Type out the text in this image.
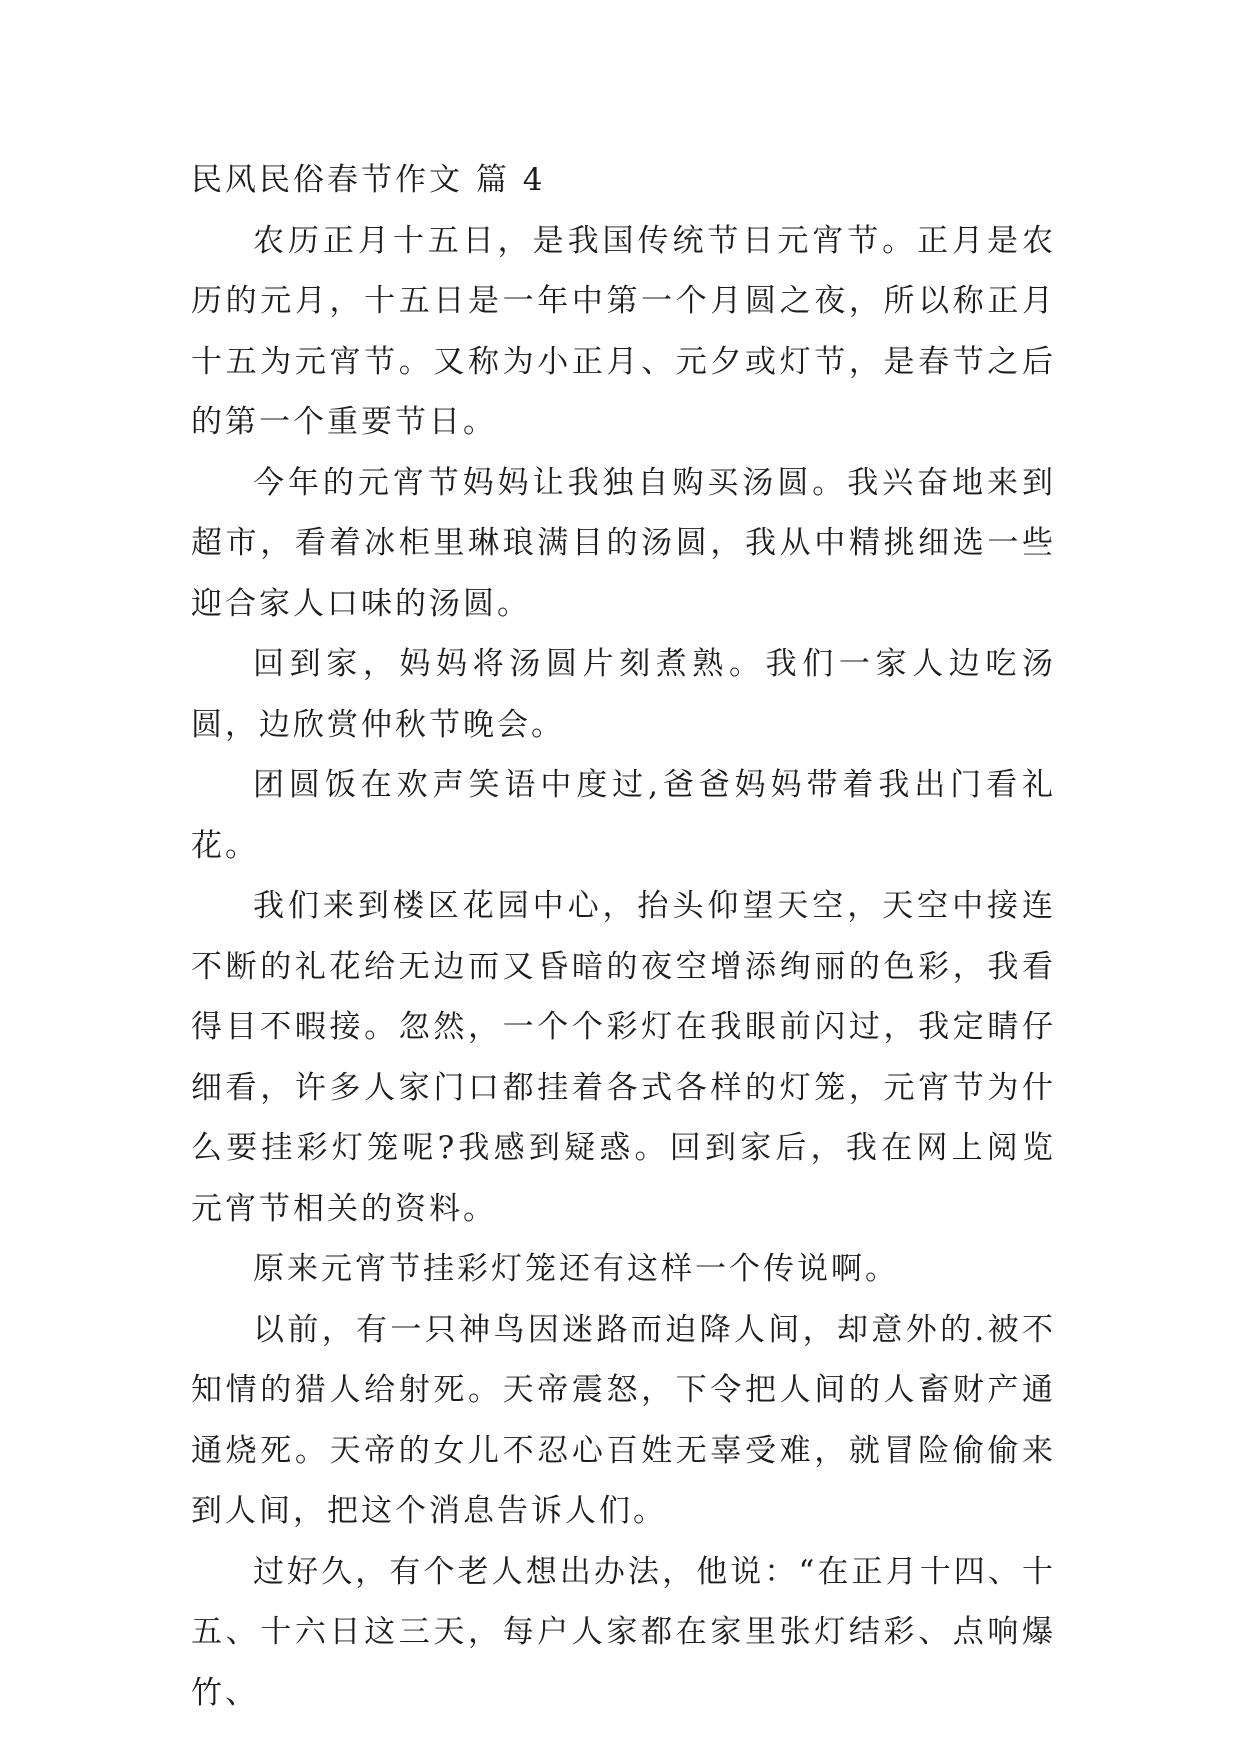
民风民俗春节作文 篇 4

农历正月十五日，是我国传统节日元宵节。正月是农历的元月，十五日是一年中第一个月圆之夜，所以称正月十五为元宵节。又称为小正月、元夕或灯节，是春节之后的第一个重要节日。

今年的元宵节妈妈让我独自购买汤圆。我兴奋地来到超市，看着冰柜里琳琅满目的汤圆，我从中精挑细选一些迎合家人口味的汤圆。

回到家，妈妈将汤圆片刻煮熟。我们一家人边吃汤圆，边欣赏仲秋节晚会。

团圆饭在欢声笑语中度过,爸爸妈妈带着我出门看礼花。

我们来到楼区花园中心，抬头仰望天空，天空中接连不断的礼花给无边而又昏暗的夜空增添绚丽的色彩，我看得目不暇接。忽然，一个个彩灯在我眼前闪过，我定睛仔细看，许多人家门口都挂着各式各样的灯笼，元宵节为什么要挂彩灯笼呢?我感到疑惑。回到家后，我在网上阅览元宵节相关的资料。

原来元宵节挂彩灯笼还有这样一个传说啊。

以前，有一只神鸟因迷路而迫降人间，却意外的.被不知情的猎人给射死。天帝震怒，下令把人间的人畜财产通通烧死。天帝的女儿不忍心百姓无辜受难，就冒险偷偷来到人间，把这个消息告诉人们。

过好久，有个老人想出办法，他说：“在正月十四、十五、十六日这三天，每户人家都在家里张灯结彩、点响爆竹、
